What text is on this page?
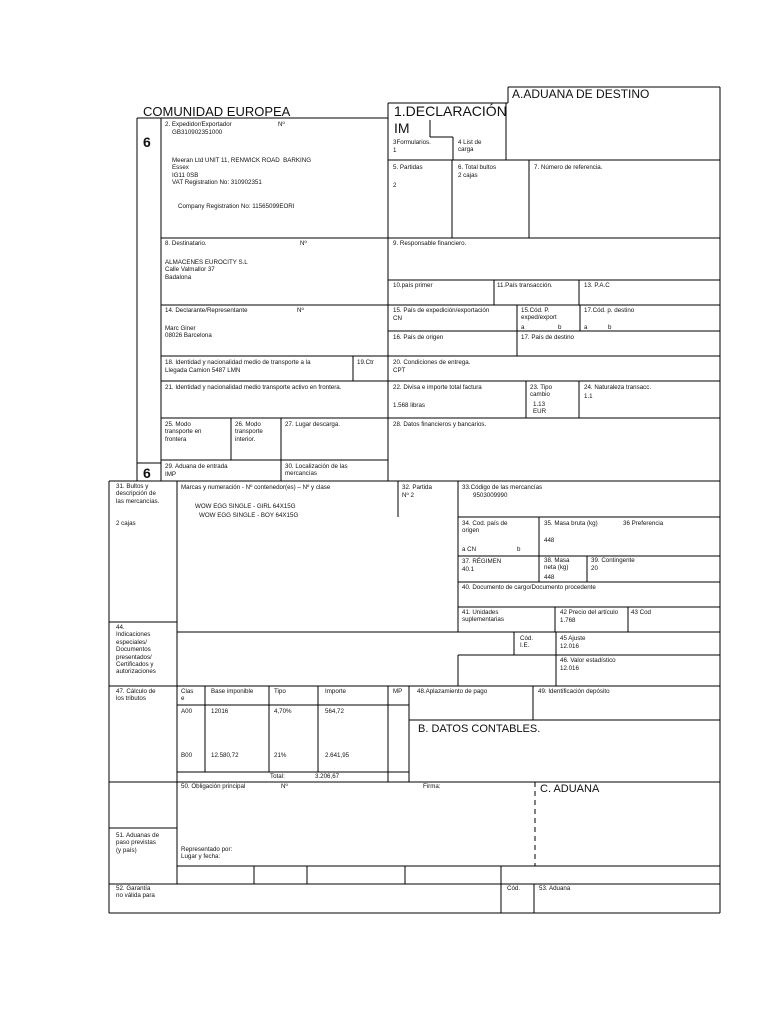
A.ADUANA DE DESTINO
COMUNIDAD EUROPEA	1.DECLARACIÓN
IM
6
6
2. Expedidor/Exportador	Nº
GB310902351000
Meeran Ltd UNIT 11, RENWICK ROAD  BARKING
Essex
IG11 0SB
VAT Registration No: 310902351
Company Registration No: 11565099EORI
3Formularios.
1
4 List de
carga
5. Partidas
2
6. Total bultos
2 cajas
7. Número de referencia.
8. Destinatario.	Nº
ALMACENES EUROCITY S.L
Calle Valmallor 37
Badalona
9. Responsable financiero.
10.país primer	11.País transacción.	13. P.A.C
14. Declarante/Representante	Nº
Marc Giner
08026 Barcelona
15. País de expedición/exportación
CN
15.Cód. P.
exped/export
a	b
17.Cód. p. destino
a	b
16. País de origen	17. País de destino
18. Identidad y nacionalidad medio de transporte a la
Llegada Camion 5487 LMN
19.Ctr	20. Condiciones de entrega.
CPT
21. Identidad y nacionalidad medio transporte activo en frontera.	22. Divisa e importe total factura
1.568 libras
23. Tipo
cambio
1.13
EUR
24. Naturaleza transacc.
1.1
25. Modo
transporte en
frontera
26. Modo
transporte
interior.
27. Lugar descarga.	28. Datos financieros y bancarios.
29. Aduana de entrada
IMP
30. Localización de las
mercancías
31. Bultos y
descripción de
las mercancías.
2 cajas
Marcas y numeración - Nº contenedor(es) – Nº y clase
WOW EGG SINGLE - GIRL 64X15G
WOW EGG SINGLE - BOY 64X15G
32. Partida
Nº 2
33.Código de las mercancías
9503009990
34. Cod. país de
origen
a CN	b
35. Masa bruta (kg)
448
36 Preferencia
37. RÉGIMEN
40.1
38. Masa
neta (kg)
448
39. Contingente
20
40. Documento de cargo/Documento procedente
41. Unidades
suplementarias
42 Precio del artículo
1.768
43 Cod
44.
Indicaciones
especiales/
Documentos
presentados/
Certificados y
autorizaciones
Cód.
I.E.
45 Ajuste
12.016
46. Valor estadístico
12.016
47. Cálculo de
los tributos
Clas
e
Base imponible	Tipo	Importe	MP
A00	12016	4,70%	564,72
B00	12.580,72	21%	2.641,95
Total:	3.206,67
48.Aplazamiento de pago	49. Identificación depósito
B. DATOS CONTABLES.
50. Obligación principal	Nº	Firma:	C. ADUANA
51. Aduanas de
paso previstas
(y país)	Representado por:
Lugar y fecha:
52. Garantía
no válida para
Cód.	53. Aduana
